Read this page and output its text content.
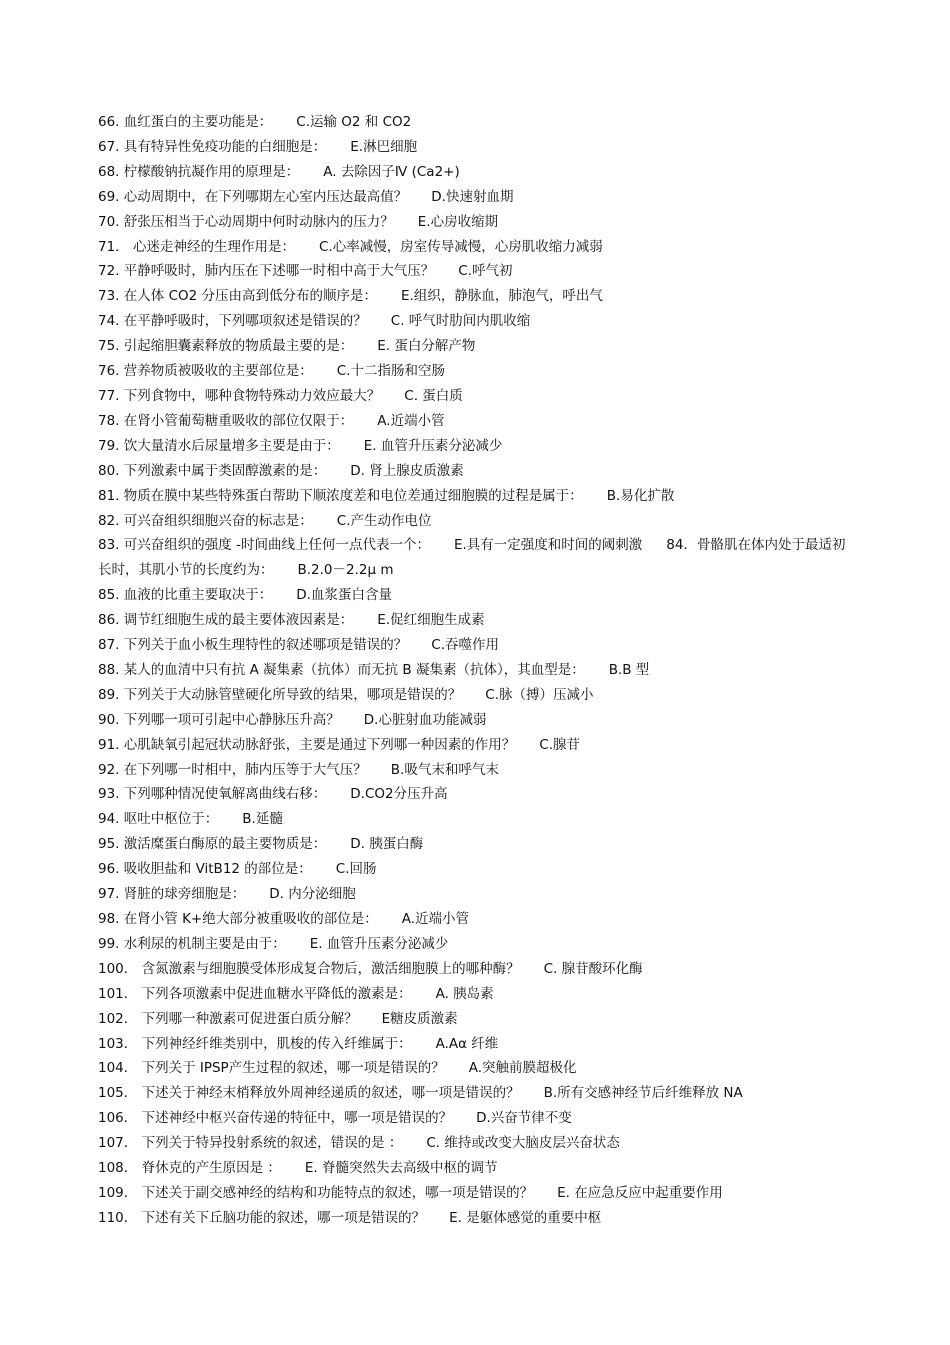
66. 血红蛋白的主要功能是： C.运输 O2 和 CO2
67. 具有特异性免疫功能的白细胞是： E.淋巴细胞
68. 柠檬酸钠抗凝作用的原理是： A. 去除因子Ⅳ (Ca2+)
69. 心动周期中，在下列哪期左心室内压达最高值？ D.快速射血期
70. 舒张压相当于心动周期中何时动脉内的压力？ E.心房收缩期
71． 心迷走神经的生理作用是： C.心率减慢，房室传导减慢，心房肌收缩力减弱
72. 平静呼吸时，肺内压在下述哪一时相中高于大气压？ C.呼气初
73. 在人体 CO2 分压由高到低分布的顺序是： E.组织，静脉血，肺泡气，呼出气
74. 在平静呼吸时，下列哪项叙述是错误的？ C. 呼气时肋间内肌收缩
75. 引起缩胆囊素释放的物质最主要的是： E. 蛋白分解产物
76. 营养物质被吸收的主要部位是： C.十二指肠和空肠
77. 下列食物中，哪种食物特殊动力效应最大？ C. 蛋白质
78. 在肾小管葡萄糖重吸收的部位仅限于： A.近端小管
79. 饮大量清水后尿量增多主要是由于： E. 血管升压素分泌减少
80. 下列激素中属于类固醇激素的是： D. 肾上腺皮质激素
81. 物质在膜中某些特殊蛋白帮助下顺浓度差和电位差通过细胞膜的过程是属于： B.易化扩散
82. 可兴奋组织细胞兴奋的标志是： C.产生动作电位
83. 可兴奋组织的强度 -时间曲线上任何一点代表一个： E.具有一定强度和时间的阈刺激 84．骨骼肌在体内处于最适初长时，其肌小节的长度约为： B.2.0－2.2μ m
85. 血液的比重主要取决于： D.血浆蛋白含量
86. 调节红细胞生成的最主要体液因素是： E.促红细胞生成素
87. 下列关于血小板生理特性的叙述哪项是错误的？ C.吞噬作用
88. 某人的血清中只有抗 A 凝集素（抗体）而无抗 B 凝集素（抗体），其血型是： B.B 型
89. 下列关于大动脉管壁硬化所导致的结果，哪项是错误的？ C.脉（搏）压减小
90. 下列哪一项可引起中心静脉压升高？ D.心脏射血功能减弱
91. 心肌缺氧引起冠状动脉舒张，主要是通过下列哪一种因素的作用？ C.腺苷
92. 在下列哪一时相中，肺内压等于大气压？ B.吸气末和呼气末
93. 下列哪种情况使氧解离曲线右移： D.CO2分压升高
94. 呕吐中枢位于： B.延髓
95. 激活糜蛋白酶原的最主要物质是： D. 胰蛋白酶
96. 吸收胆盐和 VitB12 的部位是： C.回肠
97. 肾脏的球旁细胞是： D. 内分泌细胞
98. 在肾小管 K+绝大部分被重吸收的部位是： A.近端小管
99. 水利尿的机制主要是由于： E. 血管升压素分泌减少
100． 含氮激素与细胞膜受体形成复合物后，激活细胞膜上的哪种酶？ C. 腺苷酸环化酶
101． 下列各项激素中促进血糖水平降低的激素是： A. 胰岛素
102． 下列哪一种激素可促进蛋白质分解？ E糖皮质激素
103． 下列神经纤维类别中，肌梭的传入纤维属于： A.Aα 纤维
104． 下列关于 IPSP产生过程的叙述，哪一项是错误的？ A.突触前膜超极化
105． 下述关于神经末梢释放外周神经递质的叙述，哪一项是错误的？ B.所有交感神经节后纤维释放 NA
106． 下述神经中枢兴奋传递的特征中，哪一项是错误的？ D.兴奋节律不变
107． 下列关于特异投射系统的叙述，错误的是 ： C. 维持或改变大脑皮层兴奋状态
108． 脊休克的产生原因是 ： E. 脊髓突然失去高级中枢的调节
109． 下述关于副交感神经的结构和功能特点的叙述，哪一项是错误的？ E. 在应急反应中起重要作用
110． 下述有关下丘脑功能的叙述，哪一项是错误的？ E. 是躯体感觉的重要中枢
